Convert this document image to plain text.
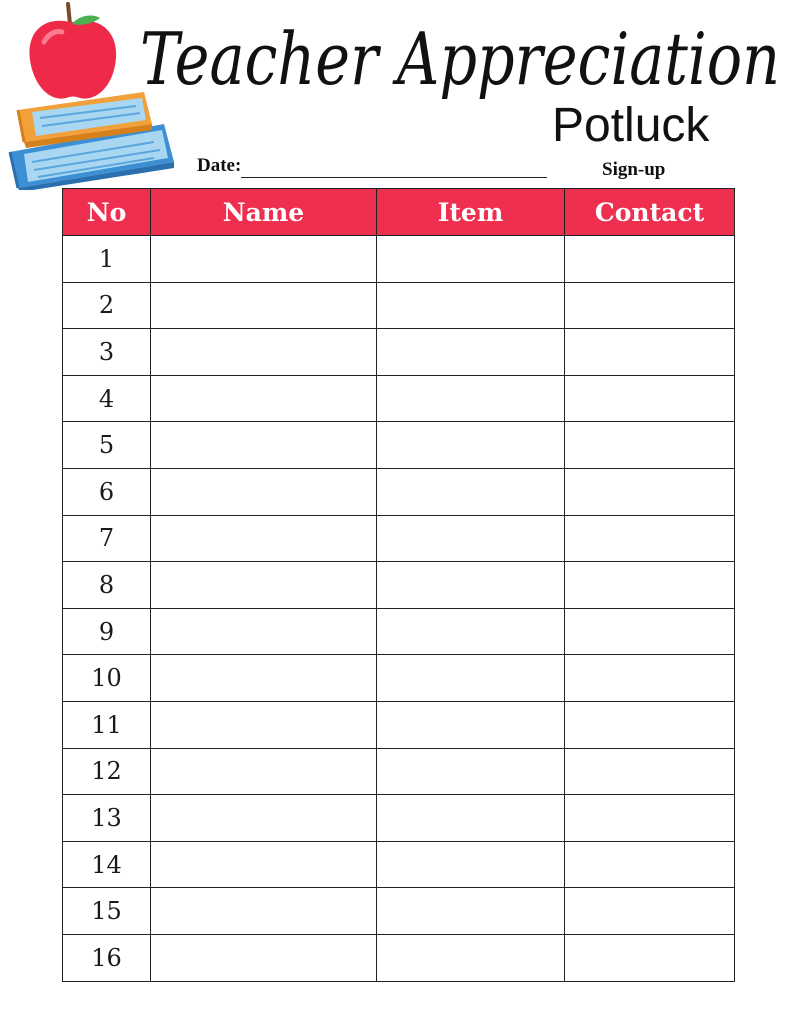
Teacher Appreciation
Potluck
Date:	Sign-up
No	Name	Item	Contact
1			
2			
3			
4			
5			
6			
7			
8			
9			
10			
11			
12			
13			
14			
15			
16			
